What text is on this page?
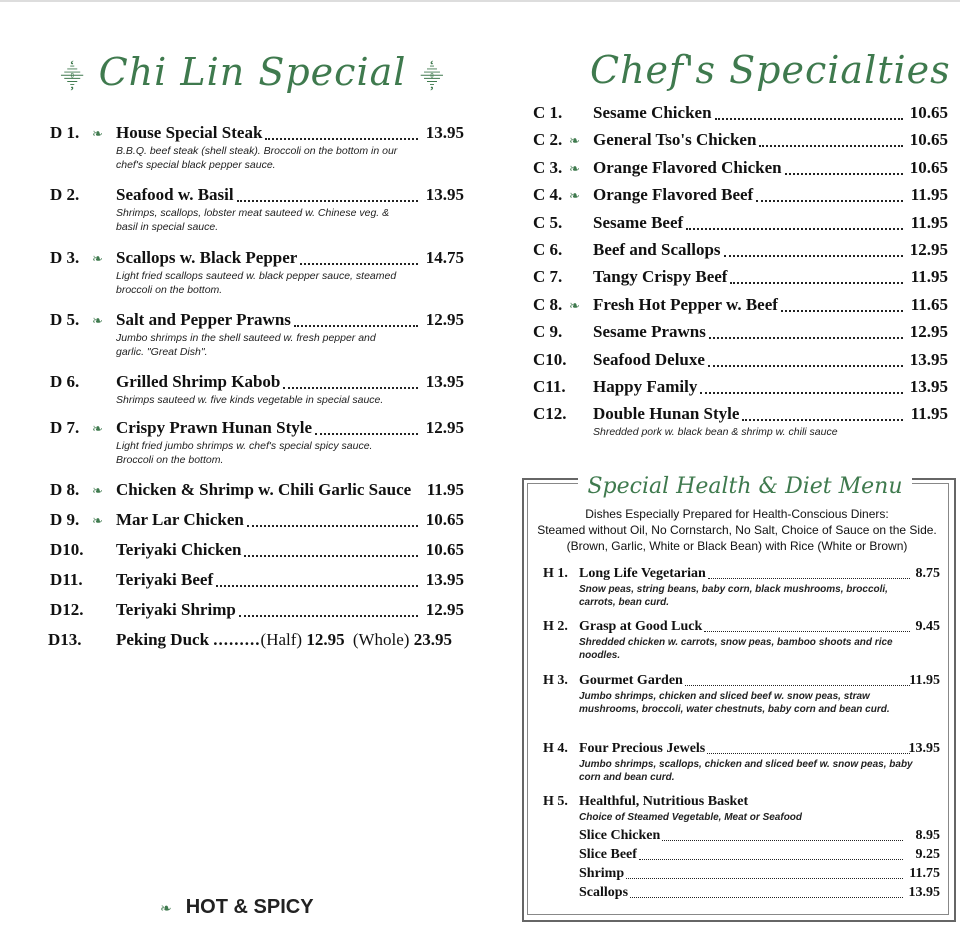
⸎ Chi Lin Special ⸎	Chef's Specialties
D 1. ❧ House Special Steak	13.95
B.B.Q. beef steak (shell steak). Broccoli on the bottom in our chef's special black pepper sauce.
D 2. Seafood w. Basil	13.95
Shrimps, scallops, lobster meat sauteed w. Chinese veg. & basil in special sauce.
D 3. ❧ Scallops w. Black Pepper	14.75
Light fried scallops sauteed w. black pepper sauce, steamed broccoli on the bottom.
D 5. ❧ Salt and Pepper Prawns	12.95
Jumbo shrimps in the shell sauteed w. fresh pepper and garlic. "Great Dish".
D 6. Grilled Shrimp Kabob	13.95
Shrimps sauteed w. five kinds vegetable in special sauce.
D 7. ❧ Crispy Prawn Hunan Style	12.95
Light fried jumbo shrimps w. chef's special spicy sauce. Broccoli on the bottom.
D 8. ❧ Chicken & Shrimp w. Chili Garlic Sauce 11.95
D 9. ❧ Mar Lar Chicken	10.65
D10. Teriyaki Chicken	10.65
D11. Teriyaki Beef	13.95
D12. Teriyaki Shrimp	12.95
C 1. Sesame Chicken	10.65
C 2. ❧ General Tso's Chicken	10.65
C 3. ❧ Orange Flavored Chicken	10.65
C 4. ❧ Orange Flavored Beef	11.95
C 5. Sesame Beef	11.95
C 6. Beef and Scallops	12.95
C 7. Tangy Crispy Beef	11.95
C 8. ❧ Fresh Hot Pepper w. Beef	11.65
C 9. Sesame Prawns	12.95
C10. Seafood Deluxe	13.95
C11. Happy Family	13.95
C12. Double Hunan Style	11.95
Shredded pork w. black bean & shrimp w. chili sauce
D13. Peking Duck .........(Half) 12.95 (Whole) 23.95
❧ HOT & SPICY
Special Health & Diet Menu
Dishes Especially Prepared for Health-Conscious Diners:
Steamed without Oil, No Cornstarch, No Salt, Choice of Sauce on the Side.
(Brown, Garlic, White or Black Bean) with Rice (White or Brown)
H 1. Long Life Vegetarian	8.75
Snow peas, string beans, baby corn, black mushrooms, broccoli, carrots, bean curd.
H 2. Grasp at Good Luck	9.45
Shredded chicken w. carrots, snow peas, bamboo shoots and rice noodles.
H 3. Gourmet Garden	11.95
Jumbo shrimps, chicken and sliced beef w. snow peas, straw mushrooms, broccoli, water chestnuts, baby corn and bean curd.
H 4. Four Precious Jewels	13.95
Jumbo shrimps, scallops, chicken and sliced beef w. snow peas, baby corn and bean curd.
H 5. Healthful, Nutritious Basket
Choice of Steamed Vegetable, Meat or Seafood
Slice Chicken	8.95
Slice Beef	9.25
Shrimp	11.75
Scallops	13.95
